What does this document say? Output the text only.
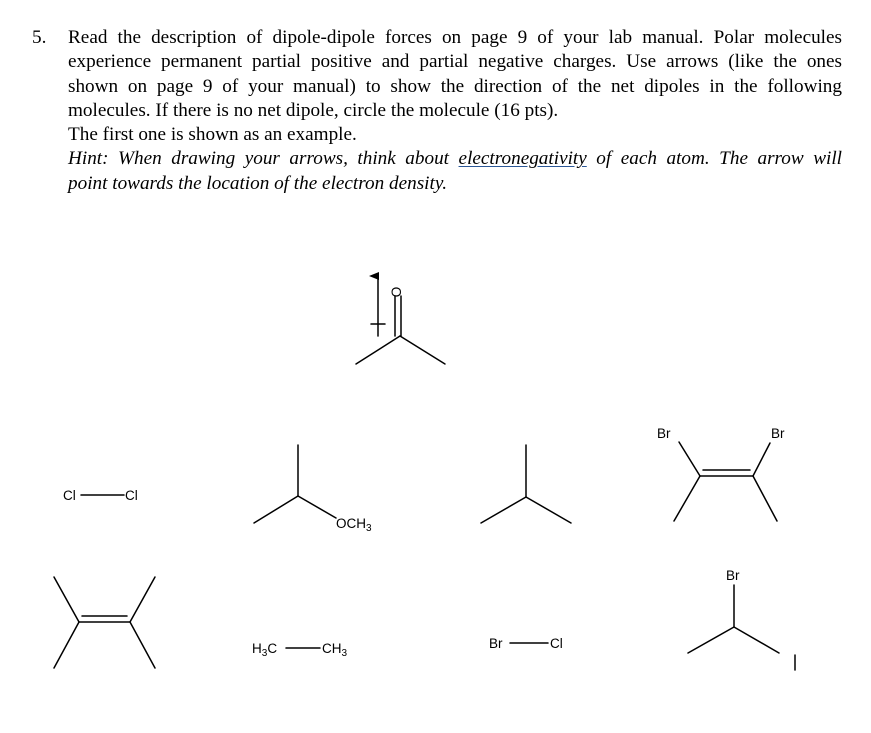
5. Read the description of dipole-dipole forces on page 9 of your lab manual. Polar molecules

experience permanent partial positive and partial negative charges. Use arrows (like the ones

shown on page 9 of your manual) to show the direction of the net dipoles in the following

molecules. If there is no net dipole, circle the molecule (16 pts).

The first one is shown as an example.

Hint: When drawing your arrows, think about electronegativity of each atom. The arrow will

point towards the location of the electron density.

O
Cl	Cl
$OCH_3$
Br	Br
$H_3C$	$CH_3$
Br	Cl
Br
